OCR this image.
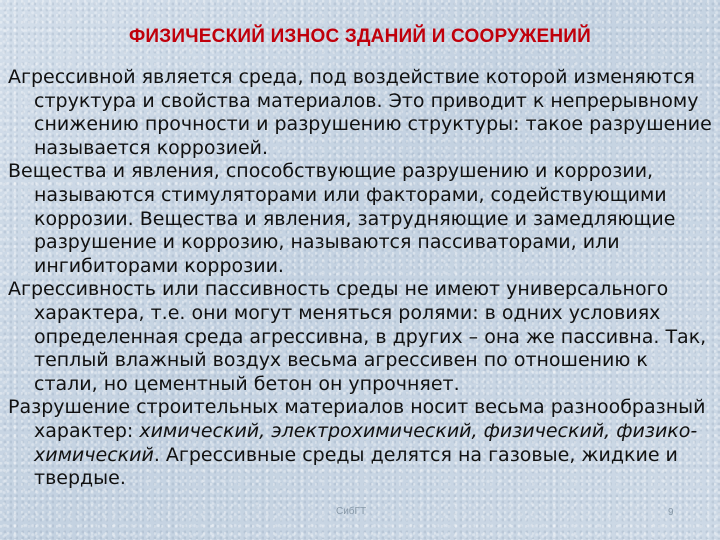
ФИЗИЧЕСКИЙ ИЗНОС ЗДАНИЙ И СООРУЖЕНИЙ

Агрессивной является среда, под воздействие которой изменяются структура и свойства материалов. Это приводит к непрерывному снижению прочности и разрушению структуры: такое разрушение называется коррозией.

Вещества и явления, способствующие разрушению и коррозии, называются стимуляторами или факторами, содействующими коррозии. Вещества и явления, затрудняющие и замедляющие разрушение и коррозию, называются пассиваторами, или ингибиторами коррозии.

Агрессивность или пассивность среды не имеют универсального характера, т.е. они могут меняться ролями: в одних условиях определенная среда агрессивна, в других – она же пассивна. Так, теплый влажный воздух весьма агрессивен по отношению к стали, но цементный бетон он упрочняет.

Разрушение строительных материалов носит весьма разнообразный характер: химический, электрохимический, физический, физико-химический. Агрессивные среды делятся на газовые, жидкие и твердые.

СибГТ	9
